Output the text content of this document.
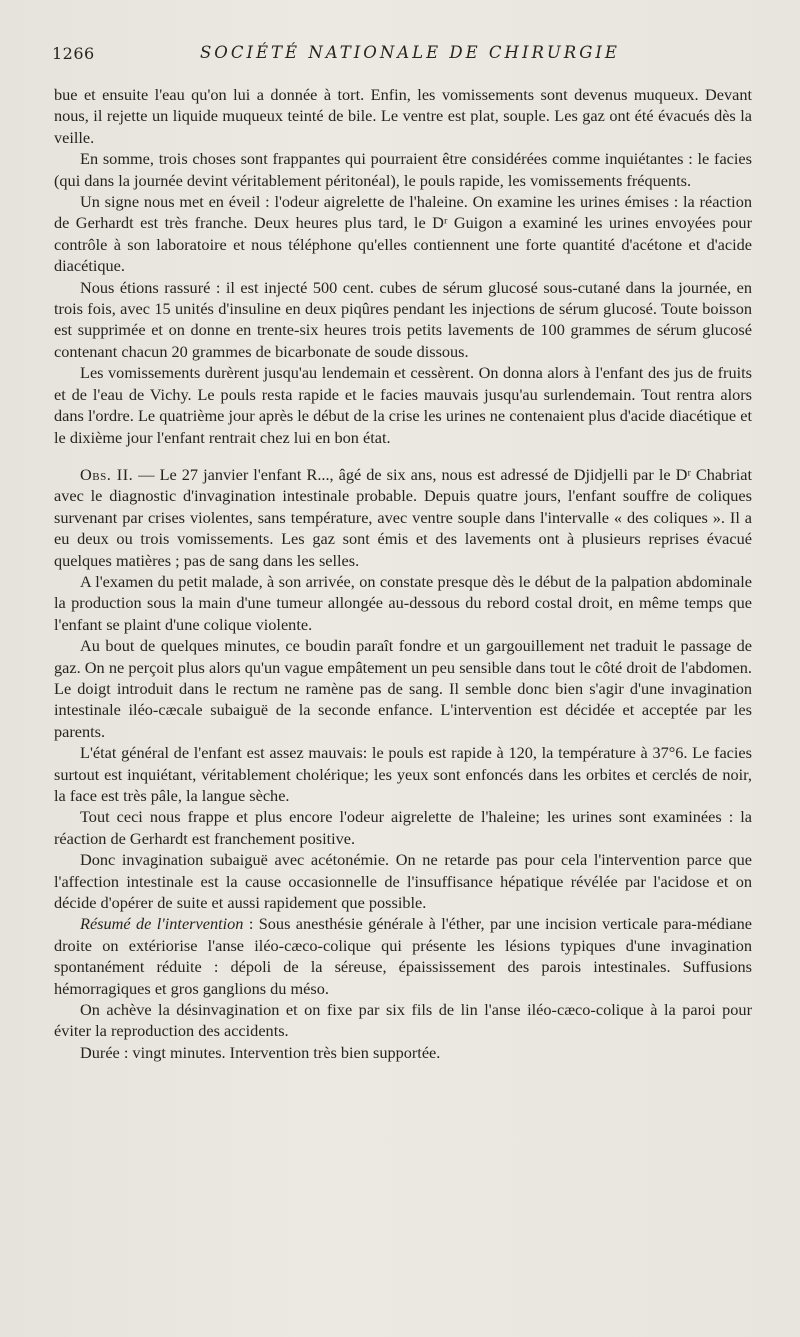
1266	SOCIÉTÉ NATIONALE DE CHIRURGIE

bue et ensuite l'eau qu'on lui a donnée à tort. Enfin, les vomissements sont devenus muqueux. Devant nous, il rejette un liquide muqueux teinté de bile. Le ventre est plat, souple. Les gaz ont été évacués dès la veille.

En somme, trois choses sont frappantes qui pourraient être considérées comme inquiétantes : le facies (qui dans la journée devint véritablement péritonéal), le pouls rapide, les vomissements fréquents.

Un signe nous met en éveil : l'odeur aigrelette de l'haleine. On examine les urines émises : la réaction de Gerhardt est très franche. Deux heures plus tard, le Dʳ Guigon a examiné les urines envoyées pour contrôle à son laboratoire et nous téléphone qu'elles contiennent une forte quantité d'acétone et d'acide diacétique.

Nous étions rassuré : il est injecté 500 cent. cubes de sérum glucosé sous-cutané dans la journée, en trois fois, avec 15 unités d'insuline en deux piqûres pendant les injections de sérum glucosé. Toute boisson est supprimée et on donne en trente-six heures trois petits lavements de 100 grammes de sérum glucosé contenant chacun 20 grammes de bicarbonate de soude dissous.

Les vomissements durèrent jusqu'au lendemain et cessèrent. On donna alors à l'enfant des jus de fruits et de l'eau de Vichy. Le pouls resta rapide et le facies mauvais jusqu'au surlendemain. Tout rentra alors dans l'ordre. Le quatrième jour après le début de la crise les urines ne contenaient plus d'acide diacétique et le dixième jour l'enfant rentrait chez lui en bon état.

Obs. II. — Le 27 janvier l'enfant R..., âgé de six ans, nous est adressé de Djidjelli par le Dʳ Chabriat avec le diagnostic d'invagination intestinale probable. Depuis quatre jours, l'enfant souffre de coliques survenant par crises violentes, sans température, avec ventre souple dans l'intervalle « des coliques ». Il a eu deux ou trois vomissements. Les gaz sont émis et des lavements ont à plusieurs reprises évacué quelques matières ; pas de sang dans les selles.

A l'examen du petit malade, à son arrivée, on constate presque dès le début de la palpation abdominale la production sous la main d'une tumeur allongée au-dessous du rebord costal droit, en même temps que l'enfant se plaint d'une colique violente.

Au bout de quelques minutes, ce boudin paraît fondre et un gargouillement net traduit le passage de gaz. On ne perçoit plus alors qu'un vague empâtement un peu sensible dans tout le côté droit de l'abdomen. Le doigt introduit dans le rectum ne ramène pas de sang. Il semble donc bien s'agir d'une invagination intestinale iléo-cæcale subaiguë de la seconde enfance. L'intervention est décidée et acceptée par les parents.

L'état général de l'enfant est assez mauvais: le pouls est rapide à 120, la température à 37°6. Le facies surtout est inquiétant, véritablement cholérique; les yeux sont enfoncés dans les orbites et cerclés de noir, la face est très pâle, la langue sèche.

Tout ceci nous frappe et plus encore l'odeur aigrelette de l'haleine; les urines sont examinées : la réaction de Gerhardt est franchement positive.

Donc invagination subaiguë avec acétonémie. On ne retarde pas pour cela l'intervention parce que l'affection intestinale est la cause occasionnelle de l'insuffisance hépatique révélée par l'acidose et on décide d'opérer de suite et aussi rapidement que possible.

Résumé de l'intervention : Sous anesthésie générale à l'éther, par une incision verticale para-médiane droite on extériorise l'anse iléo-cæco-colique qui présente les lésions typiques d'une invagination spontanément réduite : dépoli de la séreuse, épaississement des parois intestinales. Suffusions hémorragiques et gros ganglions du méso.

On achève la désinvagination et on fixe par six fils de lin l'anse iléo-cæco-colique à la paroi pour éviter la reproduction des accidents.

Durée : vingt minutes. Intervention très bien supportée.
